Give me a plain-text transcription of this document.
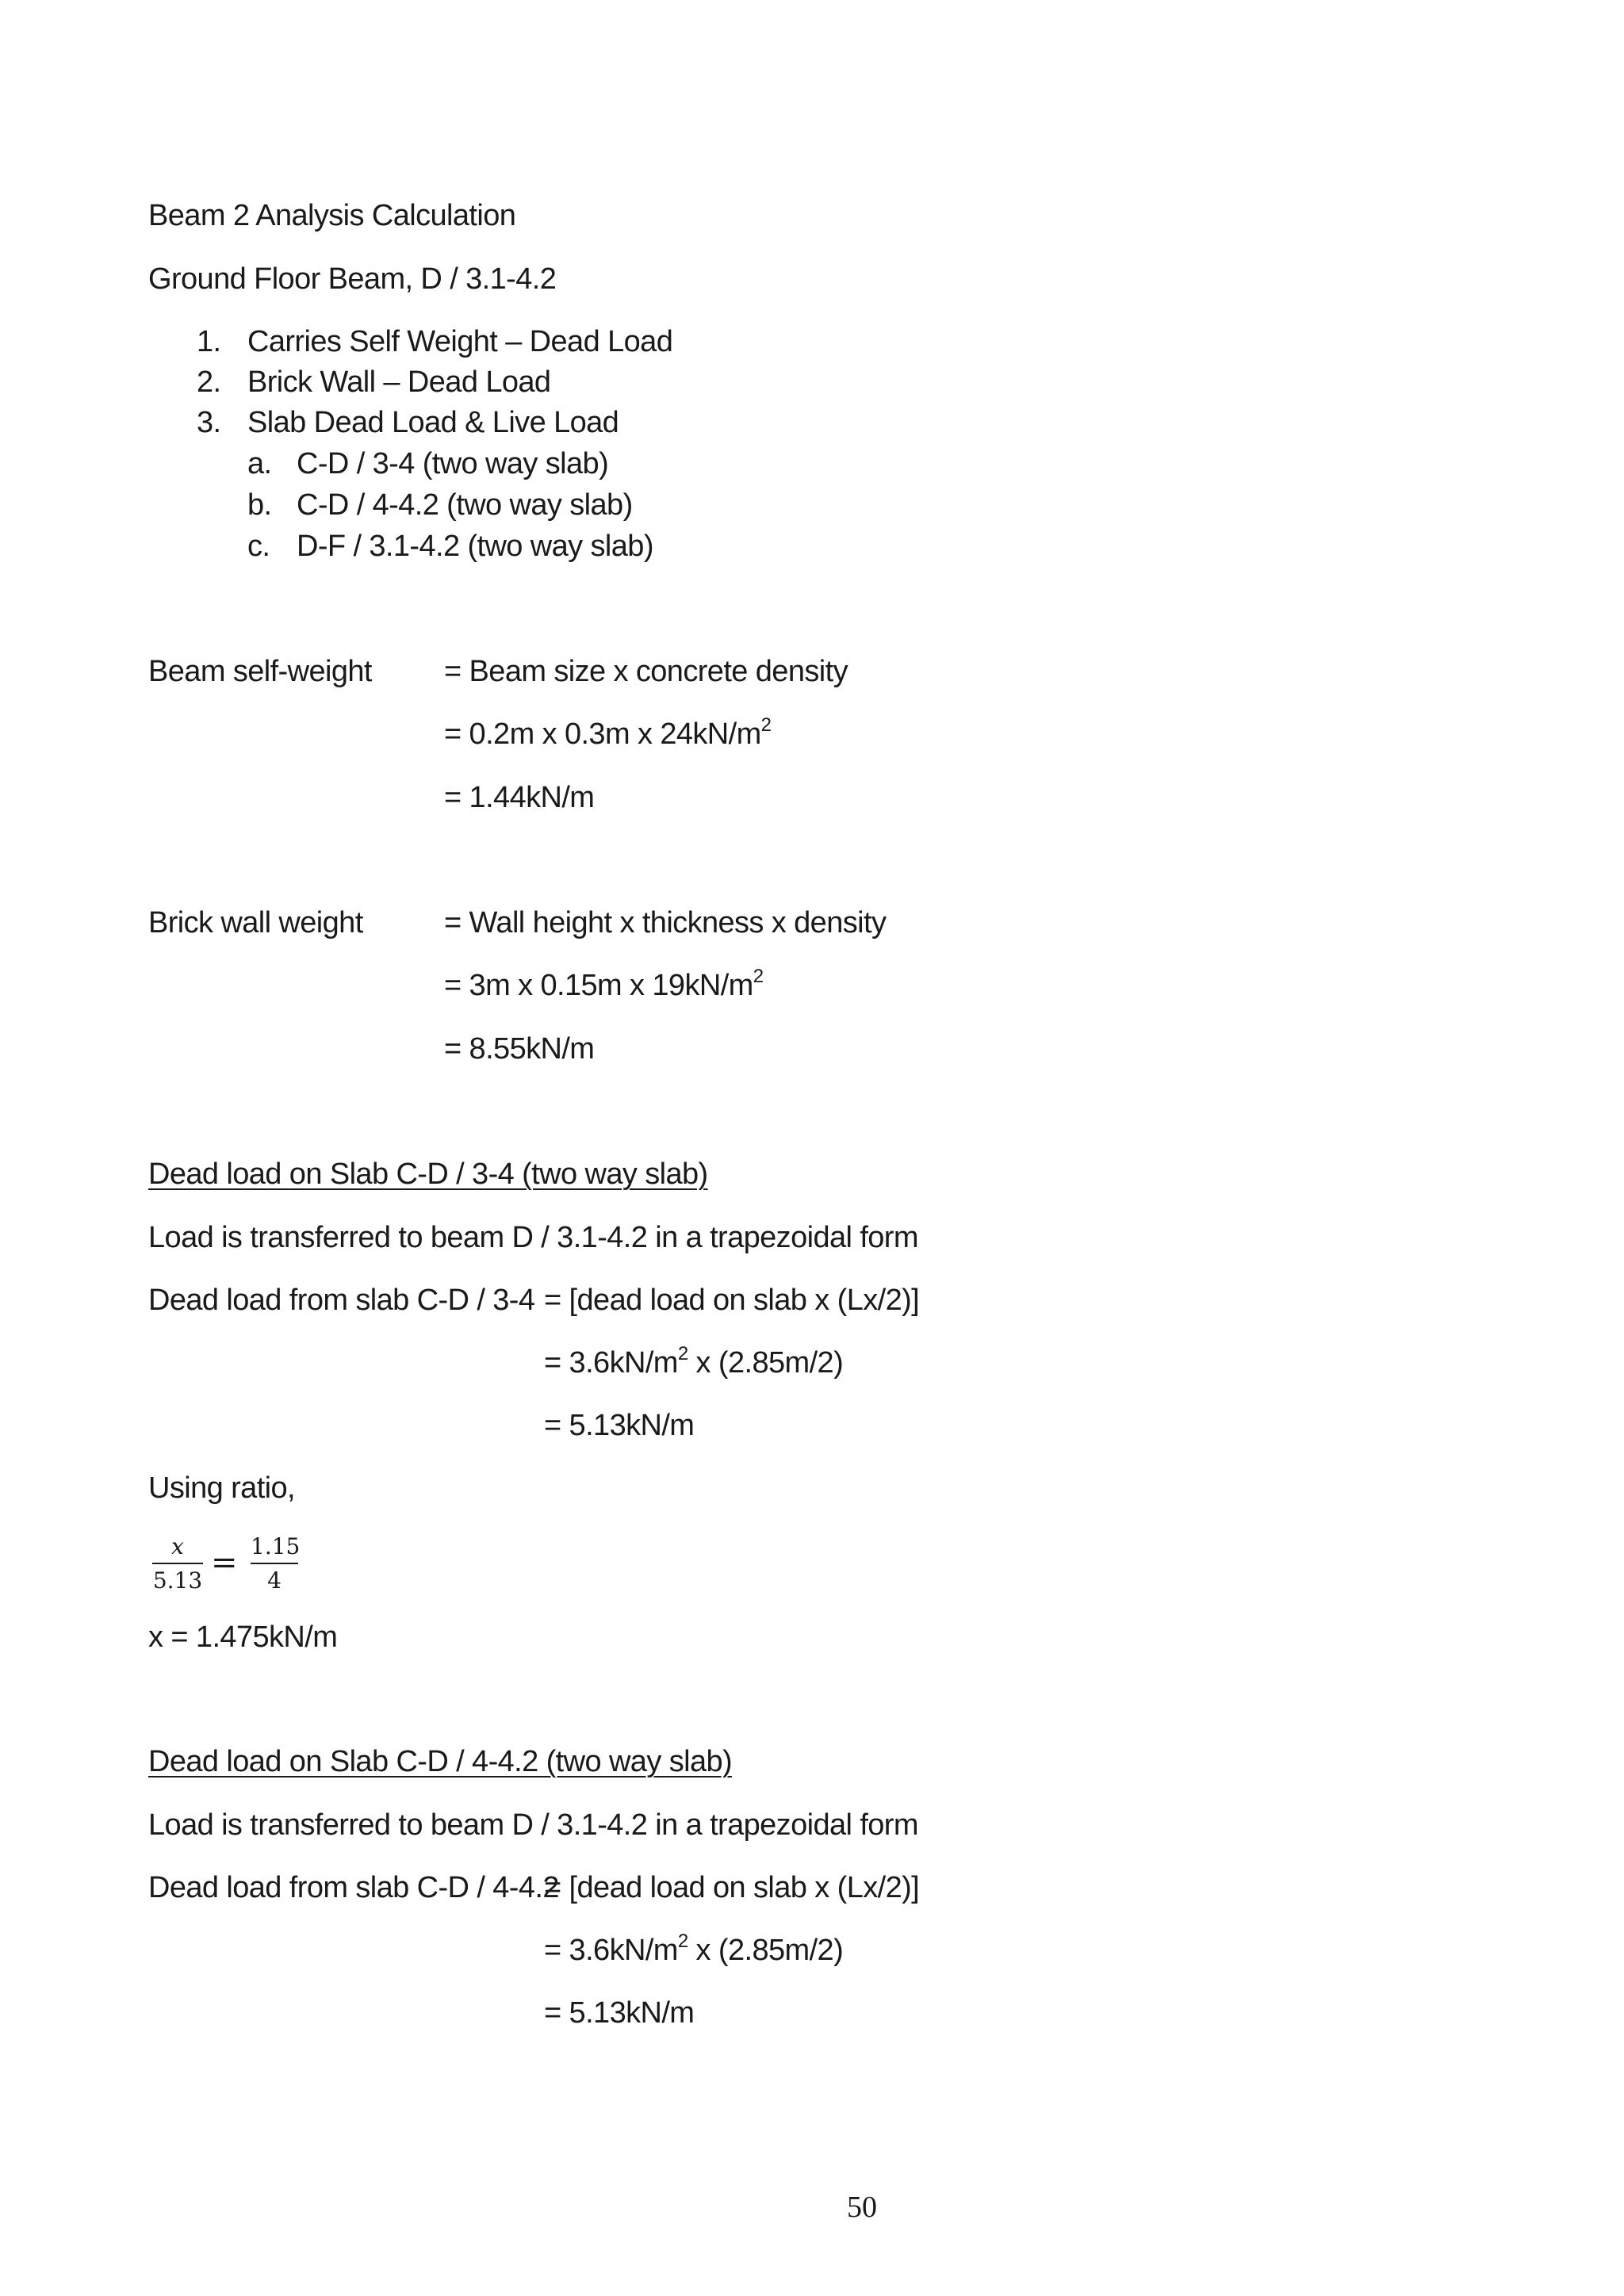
Beam 2 Analysis Calculation
Ground Floor Beam, D / 3.1-4.2
1. Carries Self Weight – Dead Load
2. Brick Wall – Dead Load
3. Slab Dead Load & Live Load
a. C-D / 3-4 (two way slab)
b. C-D / 4-4.2 (two way slab)
c. D-F / 3.1-4.2 (two way slab)
Beam self-weight = Beam size x concrete density
= 0.2m x 0.3m x $24kN/m^2$
= 1.44kN/m
Brick wall weight	= Wall height x thickness x density
= 3m x 0.15m x $19kN/m^2$
= 8.55kN/m
Dead load on Slab C-D / 3-4 (two way slab)
Load is transferred to beam D / 3.1-4.2 in a trapezoidal form
Dead load from slab C-D / 3-4 = [dead load on slab x (Lx/2)]
= $3.6kN/m^2$ x (2.85m/2)
= 5.13kN/m
Using ratio,
x
5.13 = 1.15
4
x = 1.475kN/m
Dead load on Slab C-D / 4-4.2 (two way slab)
Load is transferred to beam D / 3.1-4.2 in a trapezoidal form
Dead load from slab C-D / 4-4.2
= [dead load on slab x (Lx/2)]
= $3.6kN/m^2$ x (2.85m/2)
= 5.13kN/m
50
